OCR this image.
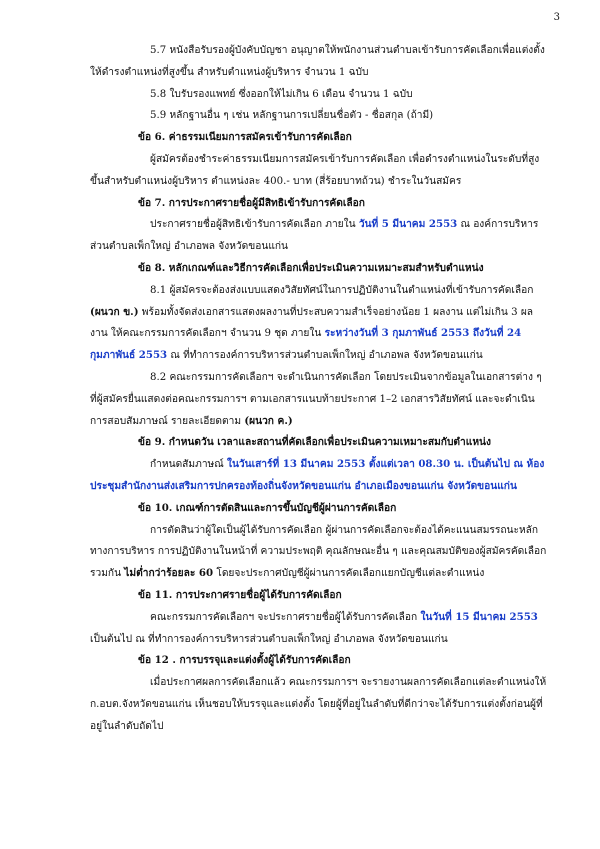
3

5.7 หนังสือรับรองผู้บังคับบัญชา อนุญาตให้พนักงานส่วนตำบลเข้ารับการคัดเลือกเพื่อแต่งตั้งให้ดำรงตำแหน่งที่สูงขึ้น สำหรับตำแหน่งผู้บริหาร จำนวน 1 ฉบับ

5.8 ใบรับรองแพทย์ ซึ่งออกให้ไม่เกิน 6 เดือน จำนวน 1 ฉบับ

5.9 หลักฐานอื่น ๆ เช่น หลักฐานการเปลี่ยนชื่อตัว - ชื่อสกุล (ถ้ามี)

ข้อ 6. ค่าธรรมเนียมการสมัครเข้ารับการคัดเลือก

ผู้สมัครต้องชำระค่าธรรมเนียมการสมัครเข้ารับการคัดเลือก เพื่อดำรงตำแหน่งในระดับที่สูงขึ้นสำหรับตำแหน่งผู้บริหาร ตำแหน่งละ 400.- บาท (สี่ร้อยบาทถ้วน) ชำระในวันสมัคร

ข้อ 7. การประกาศรายชื่อผู้มีสิทธิเข้ารับการคัดเลือก

ประกาศรายชื่อผู้สิทธิเข้ารับการคัดเลือก ภายใน วันที่ 5 มีนาคม 2553 ณ องค์การบริหารส่วนตำบลเพ็กใหญ่ อำเภอพล จังหวัดขอนแก่น

ข้อ 8. หลักเกณฑ์และวิธีการคัดเลือกเพื่อประเมินความเหมาะสมสำหรับตำแหน่ง

8.1 ผู้สมัครจะต้องส่งแบบแสดงวิสัยทัศน์ในการปฏิบัติงานในตำแหน่งที่เข้ารับการคัดเลือก (ผนวก ข.) พร้อมทั้งจัดส่งเอกสารแสดงผลงานที่ประสบความสำเร็จอย่างน้อย 1 ผลงาน แต่ไม่เกิน 3 ผลงาน ให้คณะกรรมการคัดเลือกฯ จำนวน 9 ชุด ภายใน ระหว่างวันที่ 3 กุมภาพันธ์ 2553 ถึงวันที่ 24 กุมภาพันธ์ 2553 ณ ที่ทำการองค์การบริหารส่วนตำบลเพ็กใหญ่ อำเภอพล จังหวัดขอนแก่น

8.2 คณะกรรมการคัดเลือกฯ จะดำเนินการคัดเลือก โดยประเมินจากข้อมูลในเอกสารต่าง ๆ ที่ผู้สมัครยื่นแสดงต่อคณะกรรมการฯ ตามเอกสารแนบท้ายประกาศ 1–2 เอกสารวิสัยทัศน์ และจะดำเนินการสอบสัมภาษณ์ รายละเอียดตาม (ผนวก ค.)

ข้อ 9. กำหนดวัน เวลาและสถานที่คัดเลือกเพื่อประเมินความเหมาะสมกับตำแหน่ง

กำหนดสัมภาษณ์ ในวันเสาร์ที่ 13 มีนาคม 2553 ตั้งแต่เวลา 08.30 น. เป็นต้นไป ณ ห้องประชุมสำนักงานส่งเสริมการปกครองท้องถิ่นจังหวัดขอนแก่น อำเภอเมืองขอนแก่น จังหวัดขอนแก่น

ข้อ 10. เกณฑ์การตัดสินและการขึ้นบัญชีผู้ผ่านการคัดเลือก

การตัดสินว่าผู้ใดเป็นผู้ได้รับการคัดเลือก ผู้ผ่านการคัดเลือกจะต้องได้คะแนนสมรรถนะหลักทางการบริหาร การปฏิบัติงานในหน้าที่ ความประพฤติ คุณลักษณะอื่น ๆ และคุณสมบัติของผู้สมัครคัดเลือก รวมกัน ไม่ต่ำกว่าร้อยละ 60 โดยจะประกาศบัญชีผู้ผ่านการคัดเลือกแยกบัญชีแต่ละตำแหน่ง

ข้อ 11. การประกาศรายชื่อผู้ได้รับการคัดเลือก

คณะกรรมการคัดเลือกฯ จะประกาศรายชื่อผู้ได้รับการคัดเลือก ในวันที่ 15 มีนาคม 2553 เป็นต้นไป ณ ที่ทำการองค์การบริหารส่วนตำบลเพ็กใหญ่ อำเภอพล จังหวัดขอนแก่น

ข้อ 12 . การบรรจุและแต่งตั้งผู้ได้รับการคัดเลือก

เมื่อประกาศผลการคัดเลือกแล้ว คณะกรรมการฯ จะรายงานผลการคัดเลือกแต่ละตำแหน่งให้ ก.อบต.จังหวัดขอนแก่น เห็นชอบให้บรรจุและแต่งตั้ง โดยผู้ที่อยู่ในลำดับที่ดีกว่าจะได้รับการแต่งตั้งก่อนผู้ที่อยู่ในลำดับถัดไป
